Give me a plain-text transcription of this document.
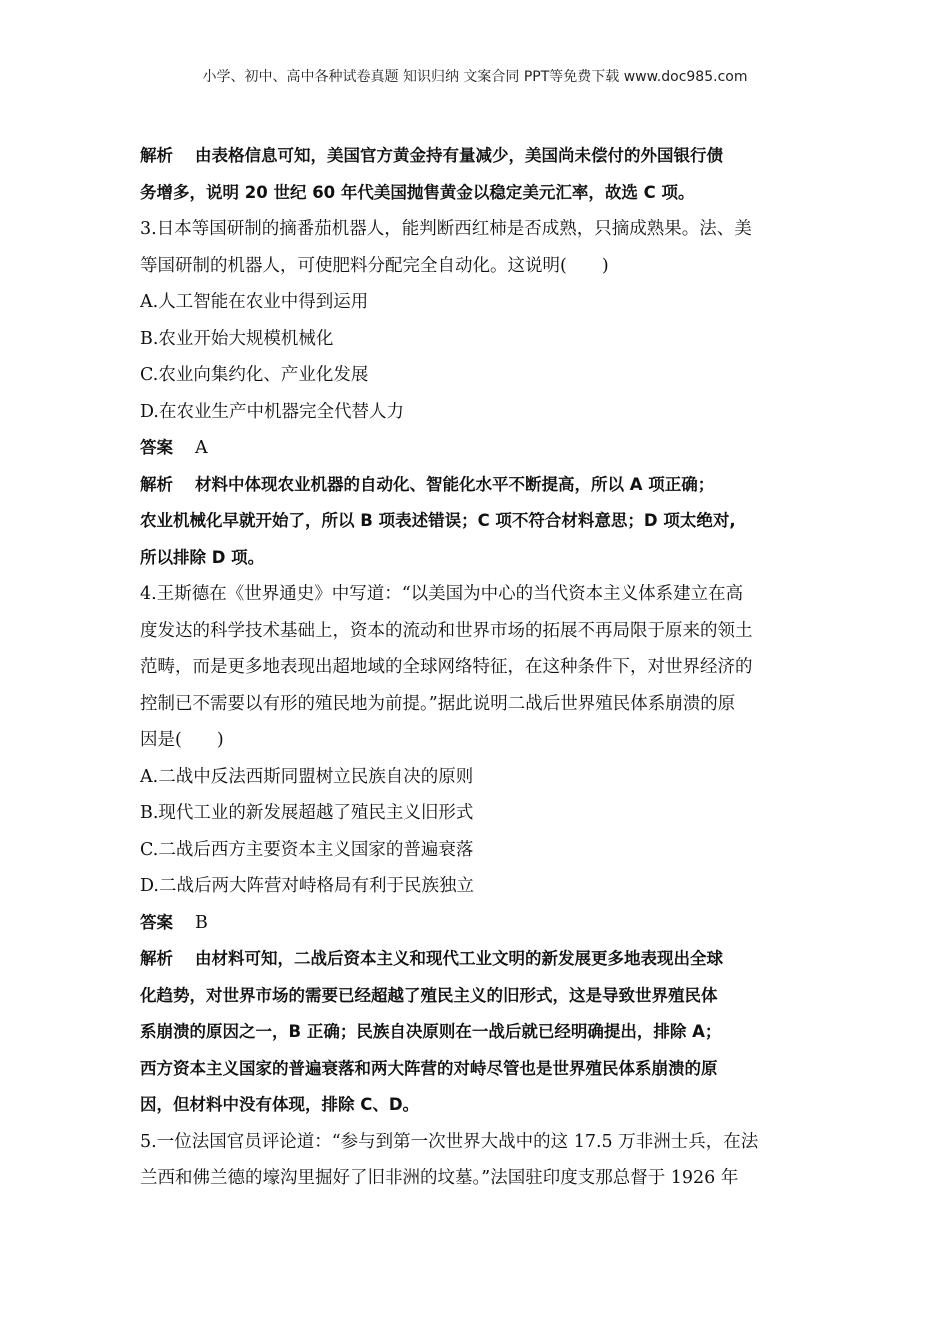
小学、初中、高中各种试卷真题 知识归纳 文案合同 PPT等免费下载 www.doc985.com
解析 由表格信息可知，美国官方黄金持有量减少，美国尚未偿付的外国银行债
务增多，说明 20 世纪 60 年代美国抛售黄金以稳定美元汇率，故选 C 项。
3.日本等国研制的摘番茄机器人，能判断西红柿是否成熟，只摘成熟果。法、美
等国研制的机器人，可使肥料分配完全自动化。这说明(　　)
A.人工智能在农业中得到运用
B.农业开始大规模机械化
C.农业向集约化、产业化发展
D.在农业生产中机器完全代替人力
答案 A
解析 材料中体现农业机器的自动化、智能化水平不断提高，所以 A 项正确；
农业机械化早就开始了，所以 B 项表述错误；C 项不符合材料意思；D 项太绝对,
所以排除 D 项。
4.王斯德在《世界通史》中写道：“以美国为中心的当代资本主义体系建立在高
度发达的科学技术基础上，资本的流动和世界市场的拓展不再局限于原来的领土
范畴，而是更多地表现出超地域的全球网络特征，在这种条件下，对世界经济的
控制已不需要以有形的殖民地为前提。”据此说明二战后世界殖民体系崩溃的原
因是(　　)
A.二战中反法西斯同盟树立民族自决的原则
B.现代工业的新发展超越了殖民主义旧形式
C.二战后西方主要资本主义国家的普遍衰落
D.二战后两大阵营对峙格局有利于民族独立
答案 B
解析 由材料可知，二战后资本主义和现代工业文明的新发展更多地表现出全球
化趋势，对世界市场的需要已经超越了殖民主义的旧形式，这是导致世界殖民体
系崩溃的原因之一，B 正确；民族自决原则在一战后就已经明确提出，排除 A；
西方资本主义国家的普遍衰落和两大阵营的对峙尽管也是世界殖民体系崩溃的原
因，但材料中没有体现，排除 C、D。
5.一位法国官员评论道：“参与到第一次世界大战中的这 17.5 万非洲士兵，在法
兰西和佛兰德的壕沟里掘好了旧非洲的坟墓。”法国驻印度支那总督于 1926 年
